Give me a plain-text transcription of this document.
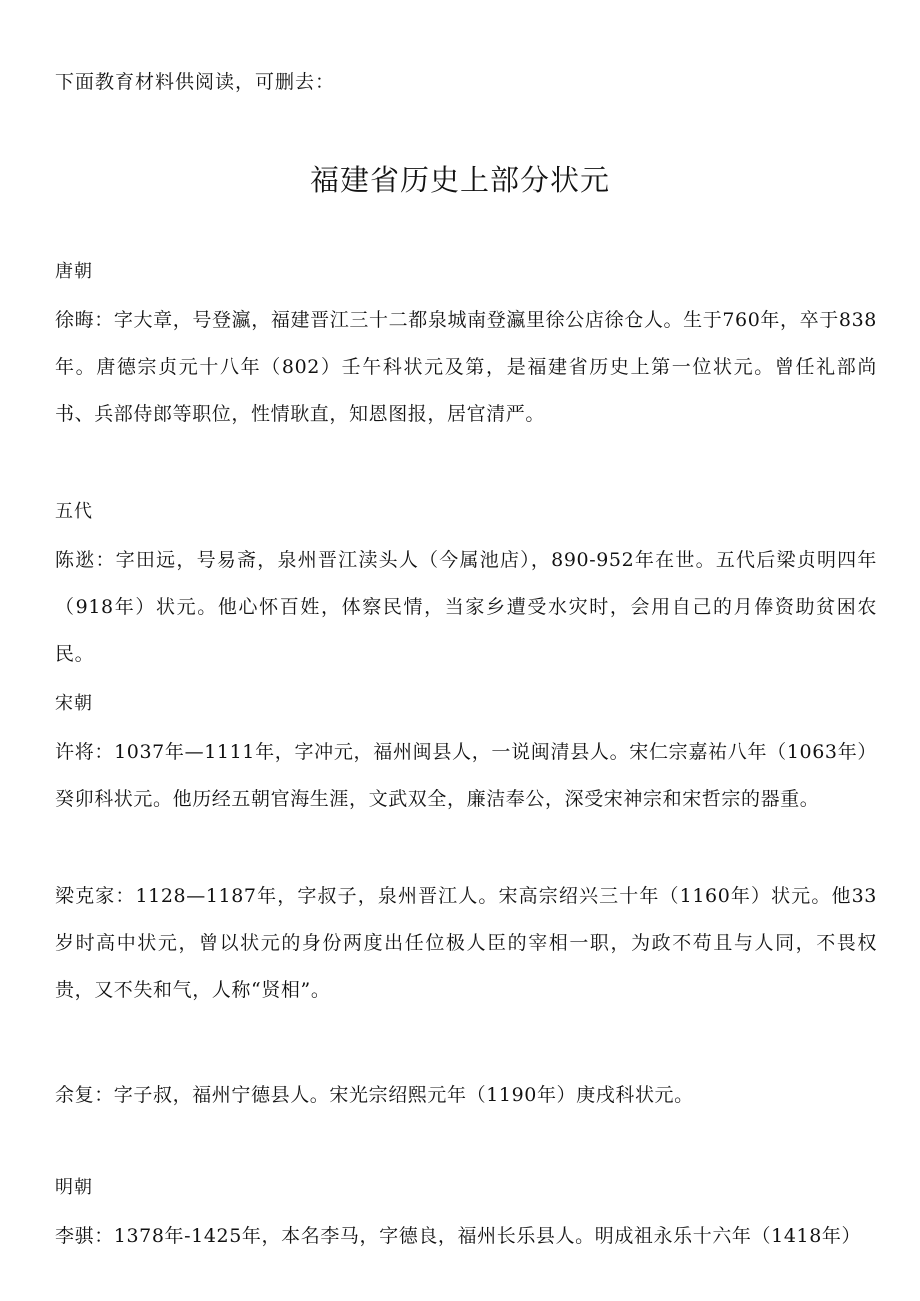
下面教育材料供阅读，可删去：
福建省历史上部分状元
唐朝
徐晦：字大章，号登瀛，福建晋江三十二都泉城南登瀛里徐公店徐仓人。生于760年，卒于838年。唐德宗贞元十八年（802）壬午科状元及第，是福建省历史上第一位状元。曾任礼部尚书、兵部侍郎等职位，性情耿直，知恩图报，居官清严。
五代
陈逖：字田远，号易斋，泉州晋江渎头人（今属池店），890-952年在世。五代后梁贞明四年（918年）状元。他心怀百姓，体察民情，当家乡遭受水灾时，会用自己的月俸资助贫困农民。
宋朝
许将：1037年—1111年，字冲元，福州闽县人，一说闽清县人。宋仁宗嘉祐八年（1063年）癸卯科状元。他历经五朝官海生涯，文武双全，廉洁奉公，深受宋神宗和宋哲宗的器重。
梁克家：1128—1187年，字叔子，泉州晋江人。宋高宗绍兴三十年（1160年）状元。他33岁时高中状元，曾以状元的身份两度出任位极人臣的宰相一职，为政不苟且与人同，不畏权贵，又不失和气，人称“贤相”。
余复：字子叔，福州宁德县人。宋光宗绍熙元年（1190年）庚戌科状元。
明朝
李骐：1378年-1425年，本名李马，字德良，福州长乐县人。明成祖永乐十六年（1418年）
